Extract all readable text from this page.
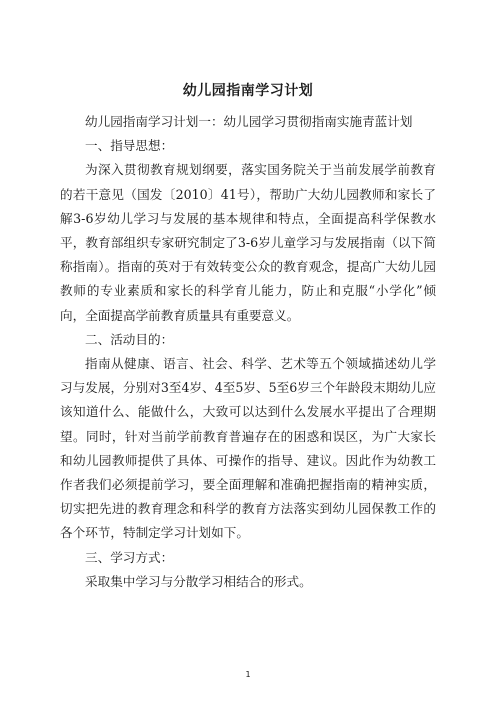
幼儿园指南学习计划

幼儿园指南学习计划一：幼儿园学习贯彻指南实施青蓝计划

一、指导思想：

为深入贯彻教育规划纲要，落实国务院关于当前发展学前教育的若干意见（国发〔2010〕41号），帮助广大幼儿园教师和家长了解3-6岁幼儿学习与发展的基本规律和特点，全面提高科学保教水平，教育部组织专家研究制定了3-6岁儿童学习与发展指南（以下简称指南）。指南的英对于有效转变公众的教育观念，提高广大幼儿园教师的专业素质和家长的科学育儿能力，防止和克服“小学化”倾向，全面提高学前教育质量具有重要意义。

二、活动目的：

指南从健康、语言、社会、科学、艺术等五个领域描述幼儿学习与发展，分别对3至4岁、4至5岁、5至6岁三个年龄段末期幼儿应该知道什么、能做什么，大致可以达到什么发展水平提出了合理期望。同时，针对当前学前教育普遍存在的困惑和误区，为广大家长和幼儿园教师提供了具体、可操作的指导、建议。因此作为幼教工作者我们必须提前学习，要全面理解和准确把握指南的精神实质，切实把先进的教育理念和科学的教育方法落实到幼儿园保教工作的各个环节，特制定学习计划如下。

三、学习方式：

采取集中学习与分散学习相结合的形式。

1
